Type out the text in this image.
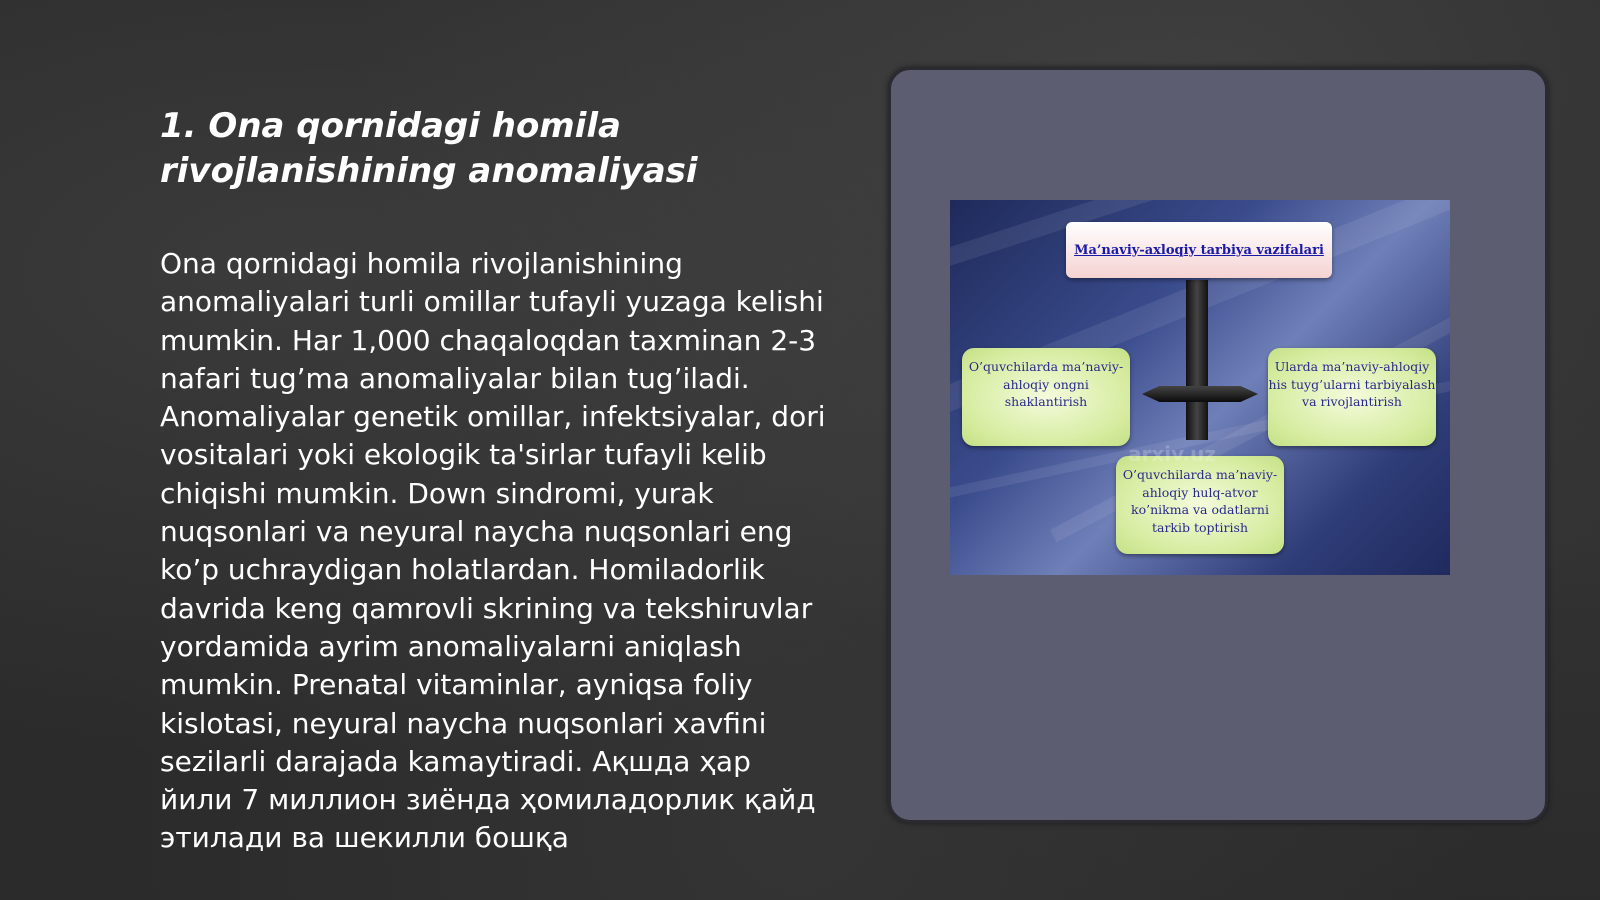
1. Ona qornidagi homila rivojlanishining anomaliyasi

Ona qornidagi homila rivojlanishining anomaliyalari turli omillar tufayli yuzaga kelishi mumkin. Har 1,000 chaqaloqdan taxminan 2-3 nafari tug’ma anomaliyalar bilan tug’iladi. Anomaliyalar genetik omillar, infektsiyalar, dori vositalari yoki ekologik ta'sirlar tufayli kelib chiqishi mumkin. Down sindromi, yurak nuqsonlari va neyural naycha nuqsonlari eng ko’p uchraydigan holatlardan. Homiladorlik davrida keng qamrovli skrining va tekshiruvlar yordamida ayrim anomaliyalarni aniqlash mumkin. Prenatal vitaminlar, ayniqsa foliy kislotasi, neyural naycha nuqsonlari xavfini sezilarli darajada kamaytiradi. Ақшда ҳар йили 7 миллион зиёнда ҳомиладорлик қайд этилади ва шекилли бошқа

Ma’naviy-axloqiy tarbiya vazifalari
O’quvchilarda ma’naviy-ahloqiy ongni shaklantirish
Ularda ma’naviy-ahloqiy his tuyg’ularni tarbiyalash va rivojlantirish
O’quvchilarda ma’naviy-ahloqiy hulq-atvor ko’nikma va odatlarni tarkib toptirish
arxiv.uz
